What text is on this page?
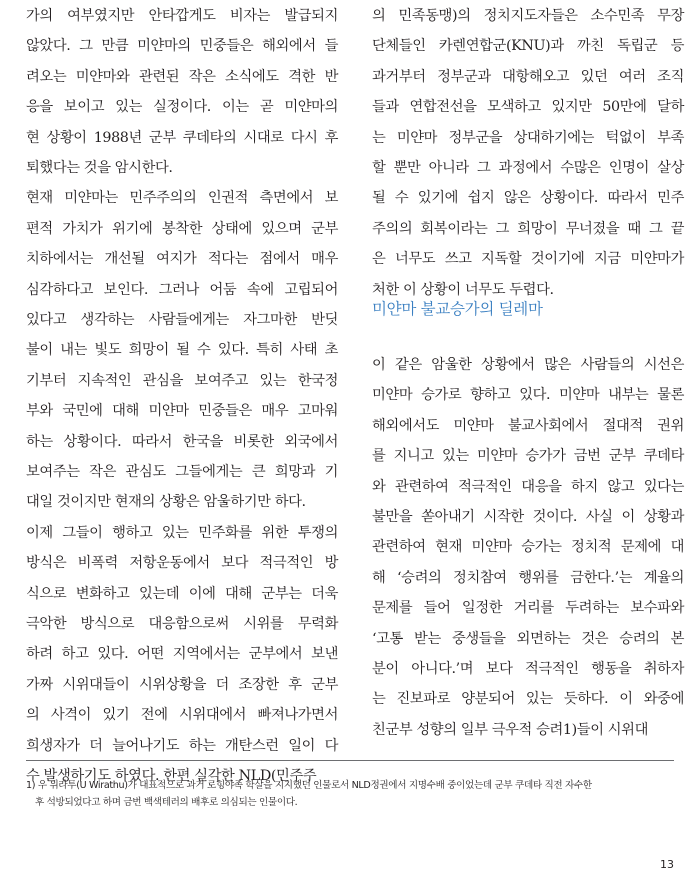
가의 여부였지만 안타깝게도 비자는 발급되지
않았다. 그 만큼 미얀마의 민중들은 해외에서 들
려오는 미얀마와 관련된 작은 소식에도 격한 반
응을 보이고 있는 실정이다. 이는 곧 미얀마의
현 상황이 1988년 군부 쿠데타의 시대로 다시 후
퇴했다는 것을 암시한다.
현재 미얀마는 민주주의의 인권적 측면에서 보
편적 가치가 위기에 봉착한 상태에 있으며 군부
치하에서는 개선될 여지가 적다는 점에서 매우
심각하다고 보인다. 그러나 어둠 속에 고립되어
있다고 생각하는 사람들에게는 자그마한 반딧
불이 내는 빛도 희망이 될 수 있다. 특히 사태 초
기부터 지속적인 관심을 보여주고 있는 한국정
부와 국민에 대해 미얀마 민중들은 매우 고마워
하는 상황이다. 따라서 한국을 비롯한 외국에서
보여주는 작은 관심도 그들에게는 큰 희망과 기
대일 것이지만 현재의 상황은 암울하기만 하다.
이제 그들이 행하고 있는 민주화를 위한 투쟁의
방식은 비폭력 저항운동에서 보다 적극적인 방
식으로 변화하고 있는데 이에 대해 군부는 더욱
극악한 방식으로 대응함으로써 시위를 무력화
하려 하고 있다. 어떤 지역에서는 군부에서 보낸
가짜 시위대들이 시위상황을 더 조장한 후 군부
의 사격이 있기 전에 시위대에서 빠져나가면서
희생자가 더 늘어나기도 하는 개탄스런 일이 다
수 발생하기도 하였다. 한편 실각한 NLD(민주주
의 민족동맹)의 정치지도자들은 소수민족 무장
단체들인 카렌연합군(KNU)과 까친 독립군 등
과거부터 정부군과 대항해오고 있던 여러 조직
들과 연합전선을 모색하고 있지만 50만에 달하
는 미얀마 정부군을 상대하기에는 턱없이 부족
할 뿐만 아니라 그 과정에서 수많은 인명이 살상
될 수 있기에 쉽지 않은 상황이다. 따라서 민주
주의의 회복이라는 그 희망이 무너졌을 때 그 끝
은 너무도 쓰고 지독할 것이기에 지금 미얀마가
처한 이 상황이 너무도 두렵다.
미얀마 불교승가의 딜레마
이 같은 암울한 상황에서 많은 사람들의 시선은
미얀마 승가로 향하고 있다. 미얀마 내부는 물론
해외에서도 미얀마 불교사회에서 절대적 권위
를 지니고 있는 미얀마 승가가 금번 군부 쿠데타
와 관련하여 적극적인 대응을 하지 않고 있다는
불만을 쏟아내기 시작한 것이다. 사실 이 상황과
관련하여 현재 미얀마 승가는 정치적 문제에 대
해 ‘승려의 정치참여 행위를 금한다.’는 계율의
문제를 들어 일정한 거리를 두려하는 보수파와
‘고통 받는 중생들을 외면하는 것은 승려의 본
분이 아니다.’며 보다 적극적인 행동을 취하자
는 진보파로 양분되어 있는 듯하다. 이 와중에
친군부 성향의 일부 극우적 승려1)들이 시위대
1) 우 위라투(U Wirathu)가 대표적으로 과거 로힝야족 학살을 지지했던 인물로서 NLD정권에서 지명수배 중이었는데 군부 쿠데타 직전 자수한
후 석방되었다고 하며 금번 백색테러의 배후로 의심되는 인물이다.
13
